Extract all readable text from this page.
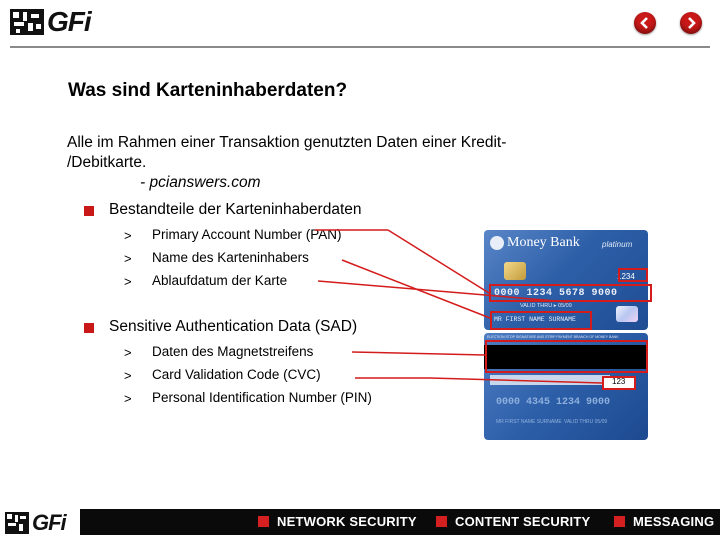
GFi
Was sind Karteninhaberdaten?
Alle im Rahmen einer Transaktion genutzten Daten einer Kredit-
/Debitkarte.
- pcianswers.com
Bestandteile der Karteninhaberdaten
> Primary Account Number (PAN)
> Name des Karteninhabers
> Ablaufdatum der Karte
Sensitive Authentication Data (SAD)
> Daten des Magnetstreifens
> Card Validation Code (CVC)
> Personal Identification Number (PIN)
Money Bank	platinum
1234
0000 1234 5678 9000
VALID THRU ▸ 05/09
MR FIRST NAME SURNAME
ELECTION STOP SIGNATURE AND STRIP PAYMENT BRANCH OF MONEY BANK
0000 4345 1234 9000
MR FIRST NAME SURNAME VALID THRU 05/09
123
GFi	NETWORK SECURITY	CONTENT SECURITY	MESSAGING
